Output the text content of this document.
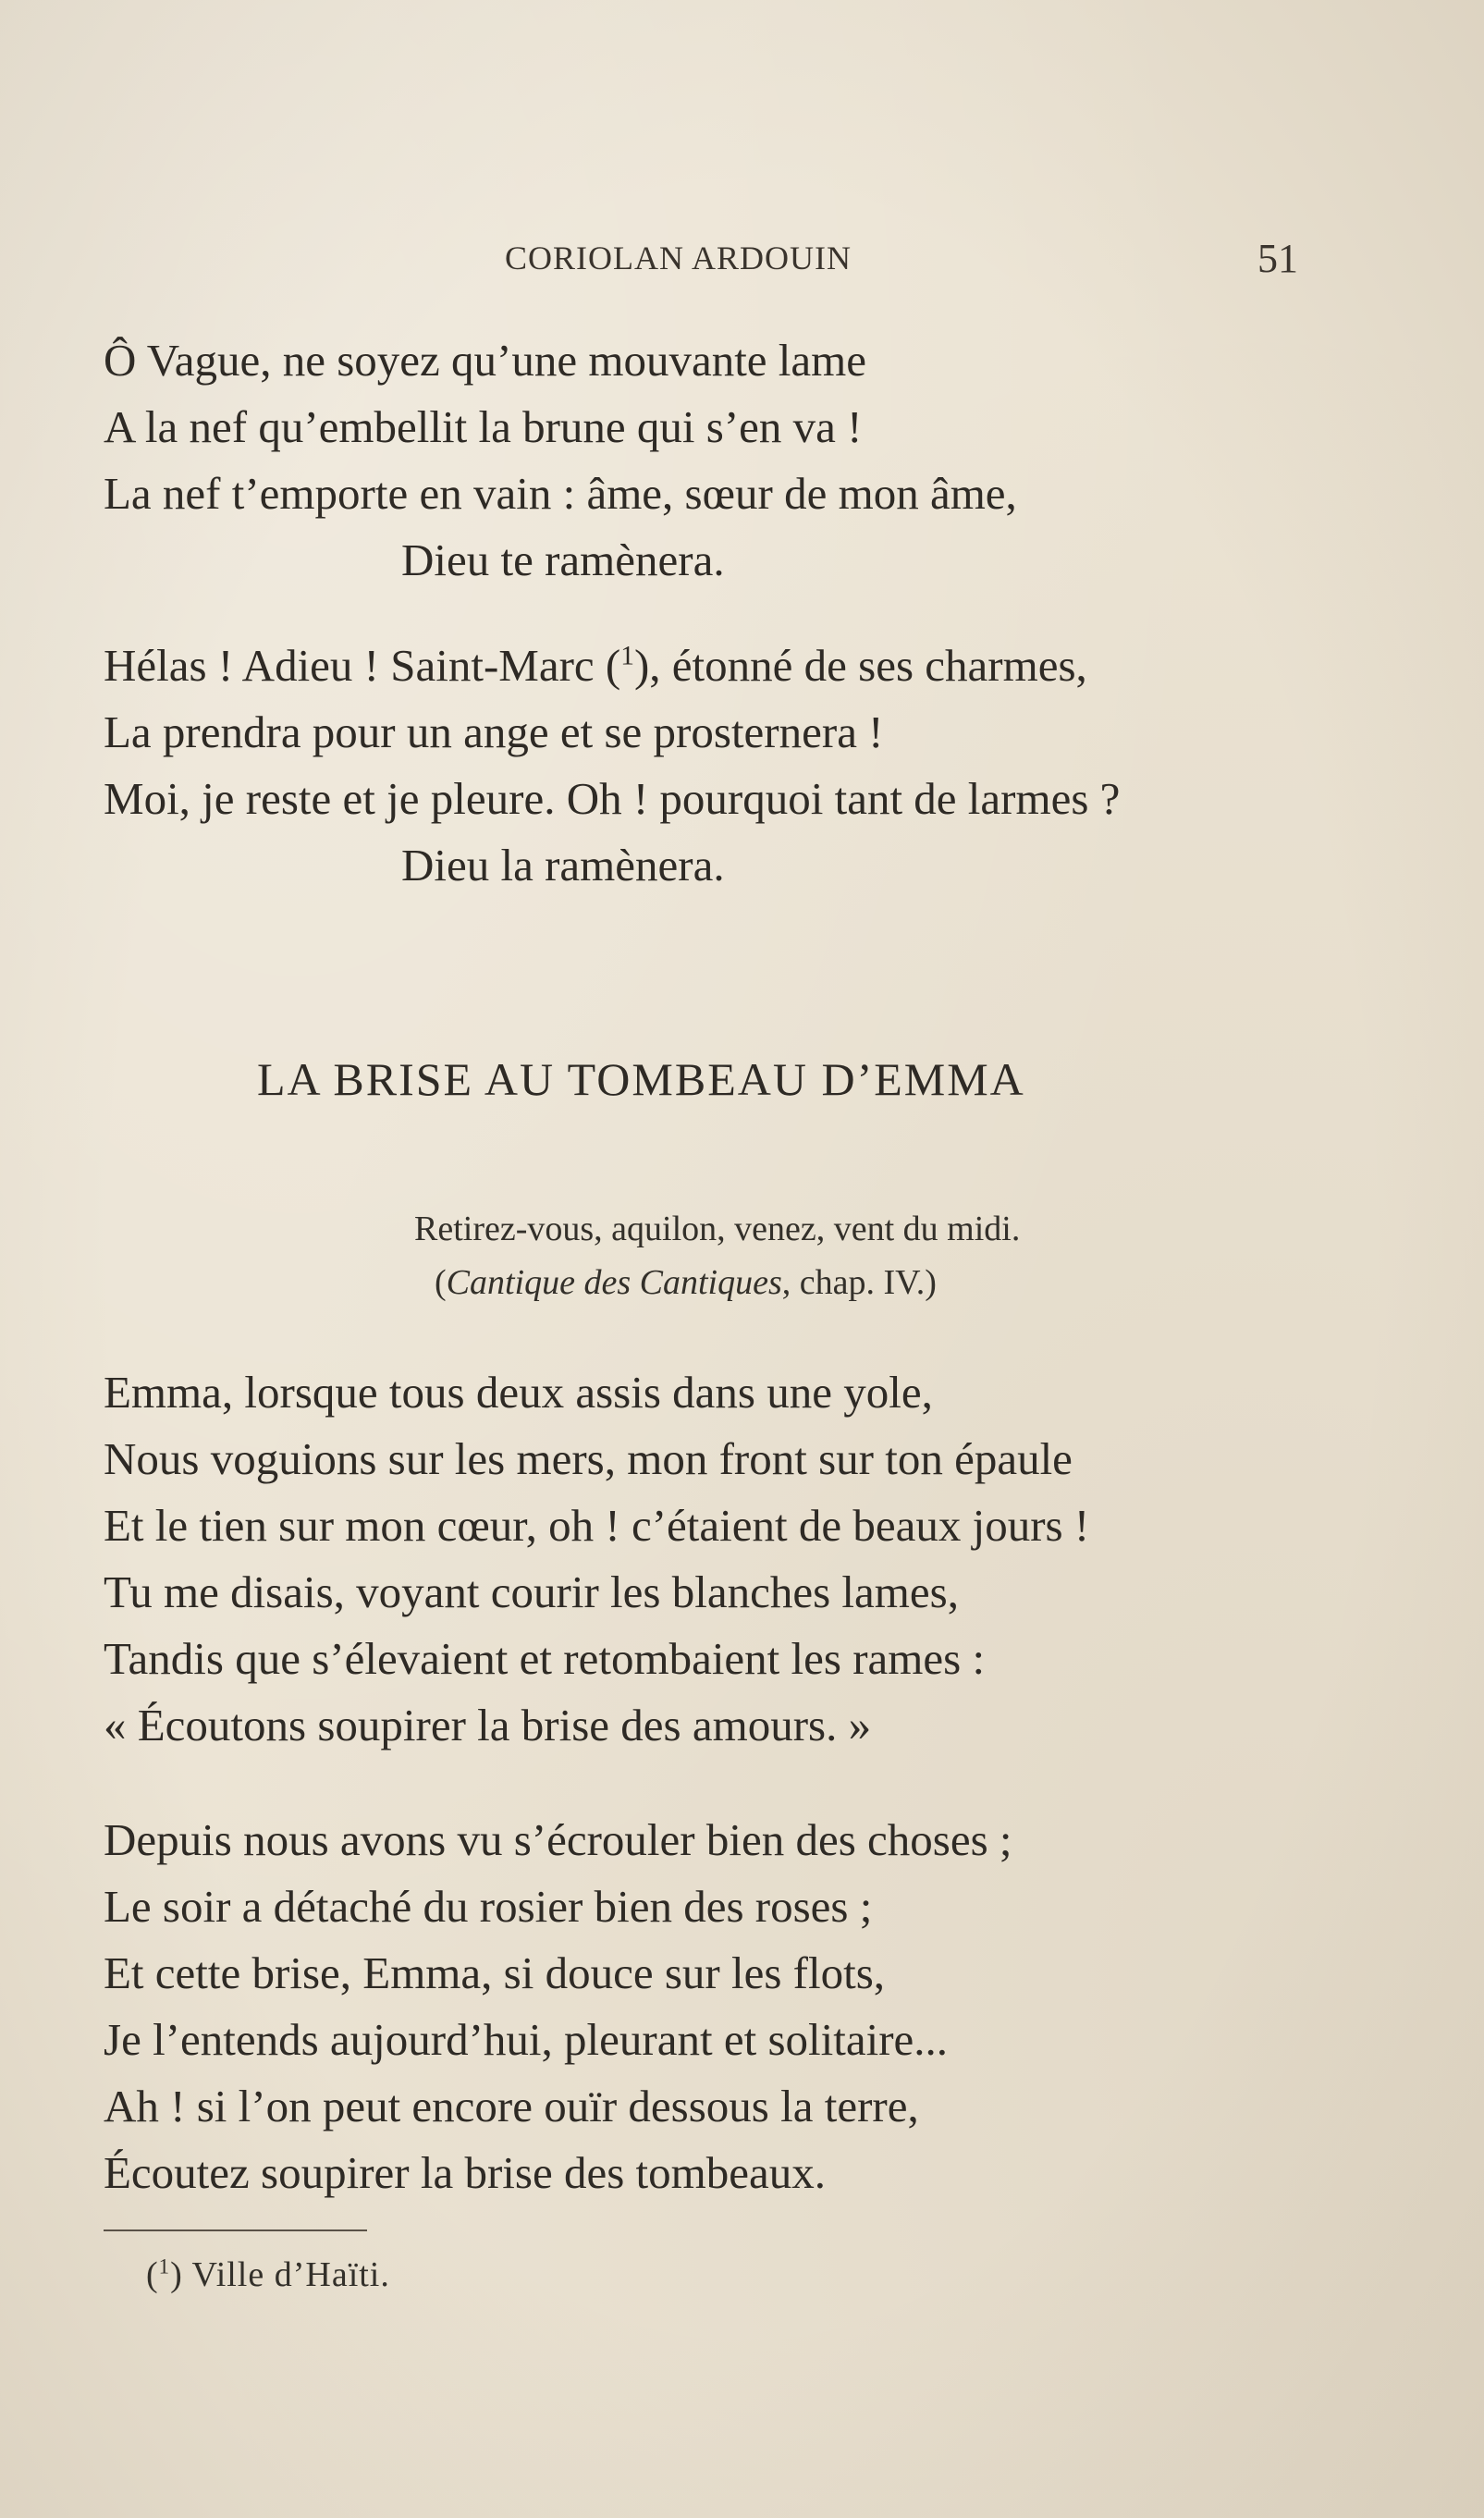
CORIOLAN ARDOUIN	51
Ô Vague, ne soyez qu’une mouvante lame
A la nef qu’embellit la brune qui s’en va !
La nef t’emporte en vain : âme, sœur de mon âme,
Dieu te ramènera.
Hélas ! Adieu ! Saint-Marc ($^1$), étonné de ses charmes,
La prendra pour un ange et se prosternera !
Moi, je reste et je pleure. Oh ! pourquoi tant de larmes ?
Dieu la ramènera.
LA BRISE AU TOMBEAU D’EMMA
Retirez-vous, aquilon, venez, vent du midi.
(Cantique des Cantiques, chap. IV.)
Emma, lorsque tous deux assis dans une yole,
Nous voguions sur les mers, mon front sur ton épaule
Et le tien sur mon cœur, oh ! c’étaient de beaux jours !
Tu me disais, voyant courir les blanches lames,
Tandis que s’élevaient et retombaient les rames :
« Écoutons soupirer la brise des amours. »
Depuis nous avons vu s’écrouler bien des choses ;
Le soir a détaché du rosier bien des roses ;
Et cette brise, Emma, si douce sur les flots,
Je l’entends aujourd’hui, pleurant et solitaire...
Ah ! si l’on peut encore ouïr dessous la terre,
Écoutez soupirer la brise des tombeaux.
($^1$) Ville d’Haïti.
